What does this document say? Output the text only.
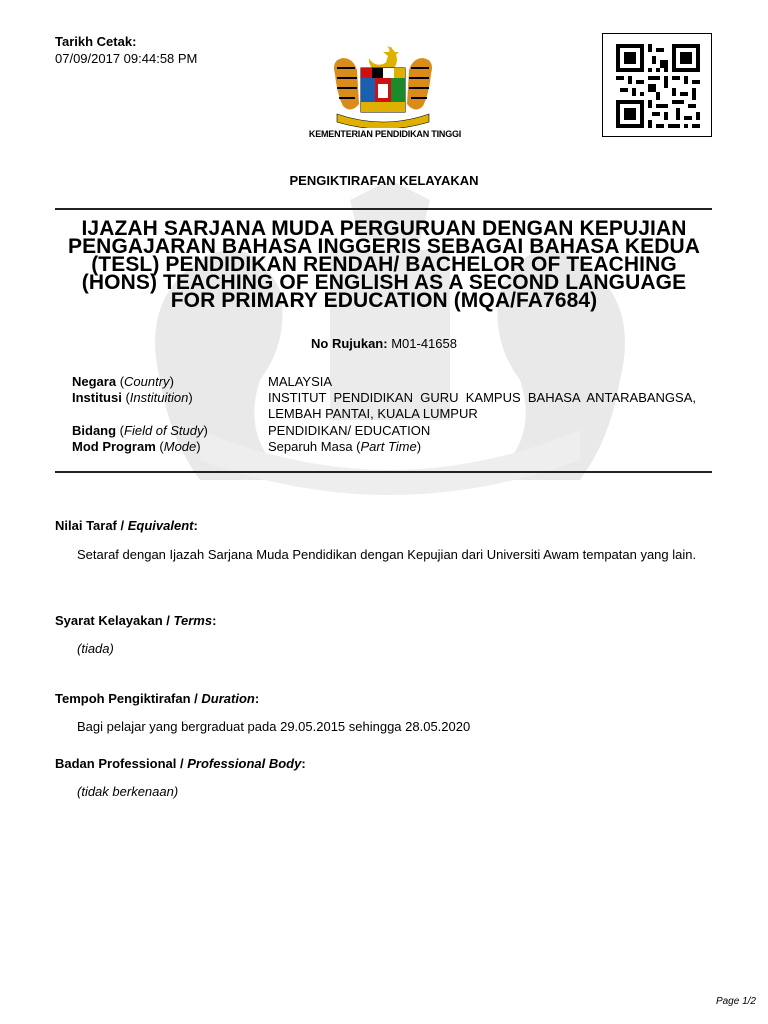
Tarikh Cetak:
07/09/2017 09:44:58 PM
KEMENTERIAN PENDIDIKAN TINGGI
PENGIKTIRAFAN KELAYAKAN
IJAZAH SARJANA MUDA PERGURUAN DENGAN KEPUJIAN PENGAJARAN BAHASA INGGERIS SEBAGAI BAHASA KEDUA (TESL) PENDIDIKAN RENDAH/ BACHELOR OF TEACHING (HONS) TEACHING OF ENGLISH AS A SECOND LANGUAGE FOR PRIMARY EDUCATION (MQA/FA7684)
No Rujukan: M01-41658
Negara (Country)	MALAYSIA
Institusi (Instituition)	INSTITUT PENDIDIKAN GURU KAMPUS BAHASA ANTARABANGSA, LEMBAH PANTAI, KUALA LUMPUR
Bidang (Field of Study)	PENDIDIKAN/ EDUCATION
Mod Program (Mode)	Separuh Masa (Part Time)
Nilai Taraf / Equivalent:
Setaraf dengan Ijazah Sarjana Muda Pendidikan dengan Kepujian dari Universiti Awam tempatan yang lain.
Syarat Kelayakan / Terms:
(tiada)
Tempoh Pengiktirafan / Duration:
Bagi pelajar yang bergraduat pada 29.05.2015 sehingga 28.05.2020
Badan Professional / Professional Body:
(tidak berkenaan)
Page 1/2
